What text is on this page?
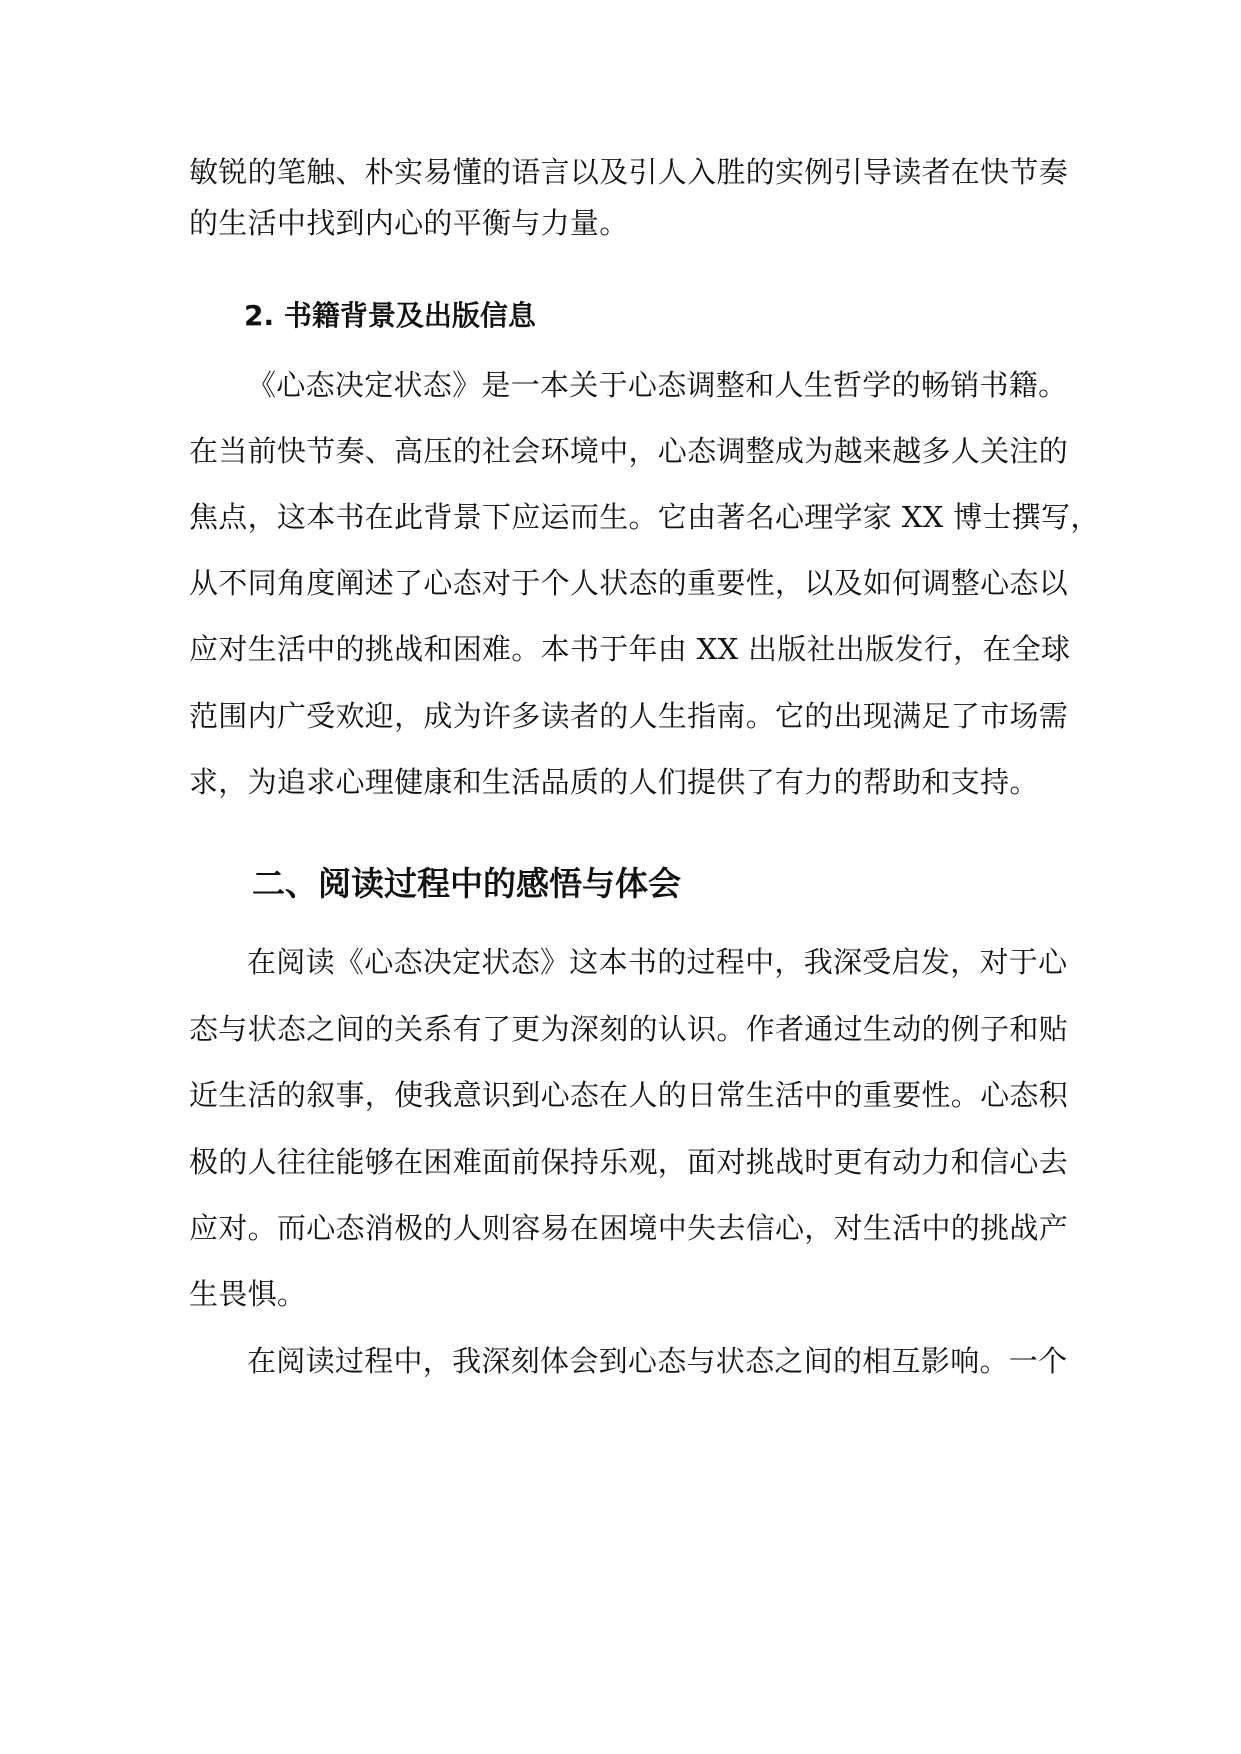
敏锐的笔触、朴实易懂的语言以及引人入胜的实例引导读者在快节奏
的生活中找到内心的平衡与力量。
2. 书籍背景及出版信息
《心态决定状态》是一本关于心态调整和人生哲学的畅销书籍。
在当前快节奏、高压的社会环境中，心态调整成为越来越多人关注的
焦点，这本书在此背景下应运而生。它由著名心理学家 XX 博士撰写，
从不同角度阐述了心态对于个人状态的重要性，以及如何调整心态以
应对生活中的挑战和困难。本书于年由 XX 出版社出版发行，在全球
范围内广受欢迎，成为许多读者的人生指南。它的出现满足了市场需
求，为追求心理健康和生活品质的人们提供了有力的帮助和支持。
二、阅读过程中的感悟与体会
在阅读《心态决定状态》这本书的过程中，我深受启发，对于心
态与状态之间的关系有了更为深刻的认识。作者通过生动的例子和贴
近生活的叙事，使我意识到心态在人的日常生活中的重要性。心态积
极的人往往能够在困难面前保持乐观，面对挑战时更有动力和信心去
应对。而心态消极的人则容易在困境中失去信心，对生活中的挑战产
生畏惧。
在阅读过程中，我深刻体会到心态与状态之间的相互影响。一个
